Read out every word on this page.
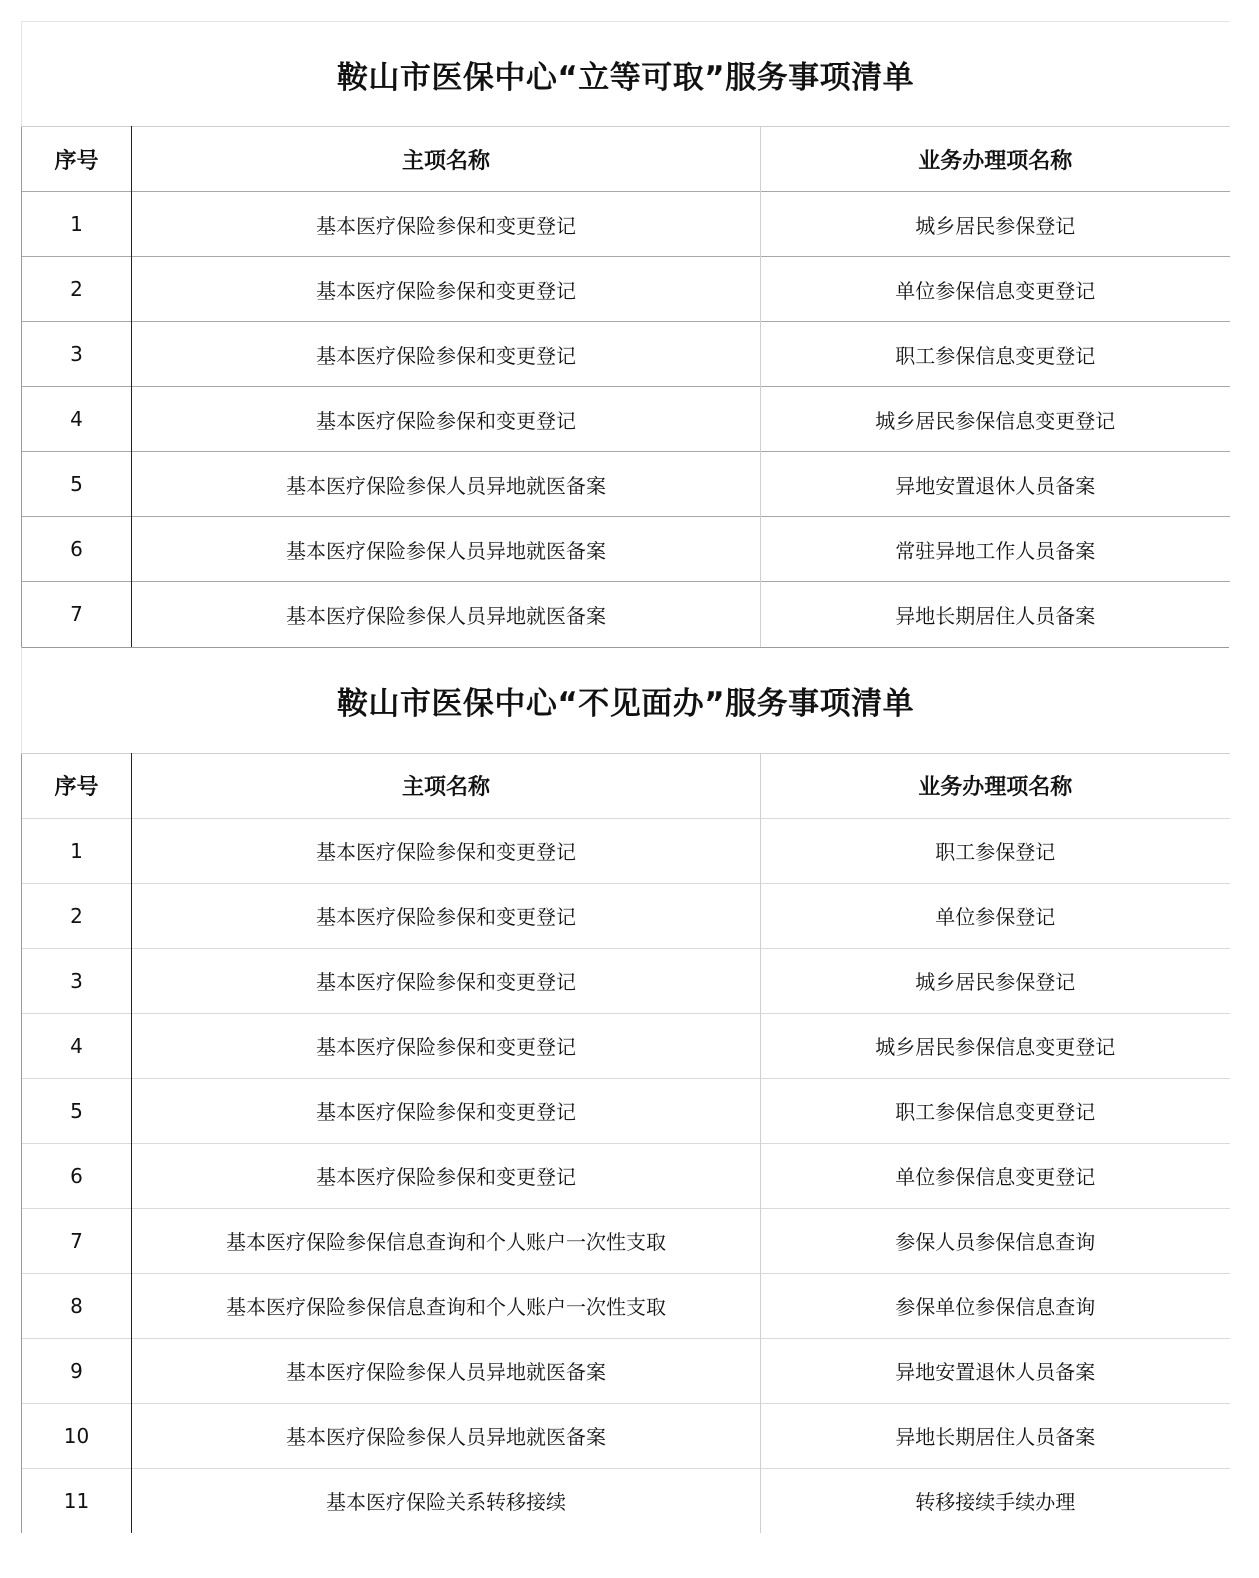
鞍山市医保中心“立等可取”服务事项清单
序号	主项名称	业务办理项名称
1	基本医疗保险参保和变更登记	城乡居民参保登记
2	基本医疗保险参保和变更登记	单位参保信息变更登记
3	基本医疗保险参保和变更登记	职工参保信息变更登记
4	基本医疗保险参保和变更登记	城乡居民参保信息变更登记
5	基本医疗保险参保人员异地就医备案	异地安置退休人员备案
6	基本医疗保险参保人员异地就医备案	常驻异地工作人员备案
7	基本医疗保险参保人员异地就医备案	异地长期居住人员备案
鞍山市医保中心“不见面办”服务事项清单
序号	主项名称	业务办理项名称
1	基本医疗保险参保和变更登记	职工参保登记
2	基本医疗保险参保和变更登记	单位参保登记
3	基本医疗保险参保和变更登记	城乡居民参保登记
4	基本医疗保险参保和变更登记	城乡居民参保信息变更登记
5	基本医疗保险参保和变更登记	职工参保信息变更登记
6	基本医疗保险参保和变更登记	单位参保信息变更登记
7	基本医疗保险参保信息查询和个人账户一次性支取	参保人员参保信息查询
8	基本医疗保险参保信息查询和个人账户一次性支取	参保单位参保信息查询
9	基本医疗保险参保人员异地就医备案	异地安置退休人员备案
10	基本医疗保险参保人员异地就医备案	异地长期居住人员备案
11	基本医疗保险关系转移接续	转移接续手续办理
